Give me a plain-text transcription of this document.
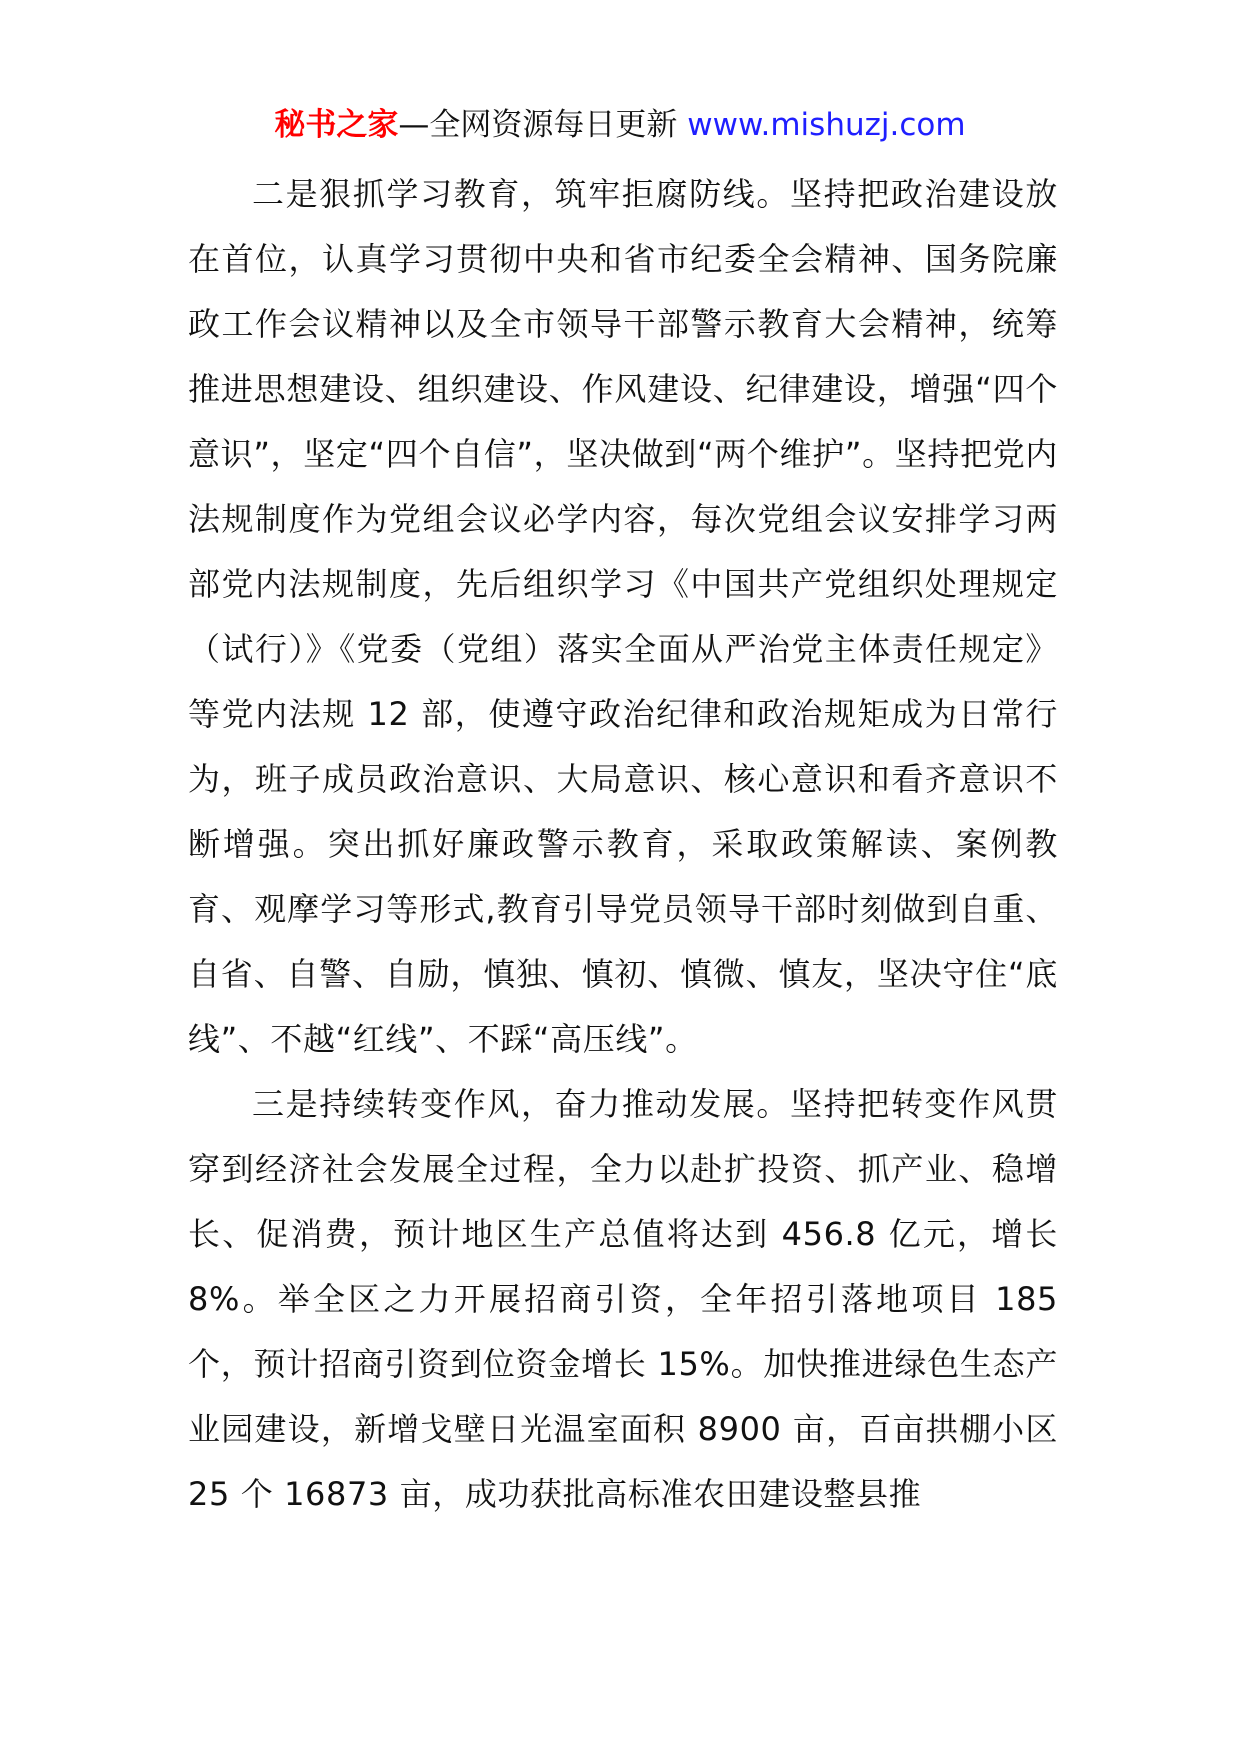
秘书之家—全网资源每日更新 www.mishuzj.com

二是狠抓学习教育，筑牢拒腐防线。坚持把政治建设放在首位，认真学习贯彻中央和省市纪委全会精神、国务院廉政工作会议精神以及全市领导干部警示教育大会精神，统筹推进思想建设、组织建设、作风建设、纪律建设，增强“四个意识”，坚定“四个自信”，坚决做到“两个维护”。坚持把党内法规制度作为党组会议必学内容，每次党组会议安排学习两部党内法规制度，先后组织学习《中国共产党组织处理规定（试行）》《党委（党组）落实全面从严治党主体责任规定》等党内法规 12 部，使遵守政治纪律和政治规矩成为日常行为，班子成员政治意识、大局意识、核心意识和看齐意识不断增强。突出抓好廉政警示教育，采取政策解读、案例教育、观摩学习等形式,教育引导党员领导干部时刻做到自重、自省、自警、自励，慎独、慎初、慎微、慎友，坚决守住“底线”、不越“红线”、不踩“高压线”。

三是持续转变作风，奋力推动发展。坚持把转变作风贯穿到经济社会发展全过程，全力以赴扩投资、抓产业、稳增长、促消费，预计地区生产总值将达到 456.8 亿元，增长 8%。举全区之力开展招商引资，全年招引落地项目 185 个，预计招商引资到位资金增长 15%。加快推进绿色生态产业园建设，新增戈壁日光温室面积 8900 亩，百亩拱棚小区 25 个 16873 亩，成功获批高标准农田建设整县推
